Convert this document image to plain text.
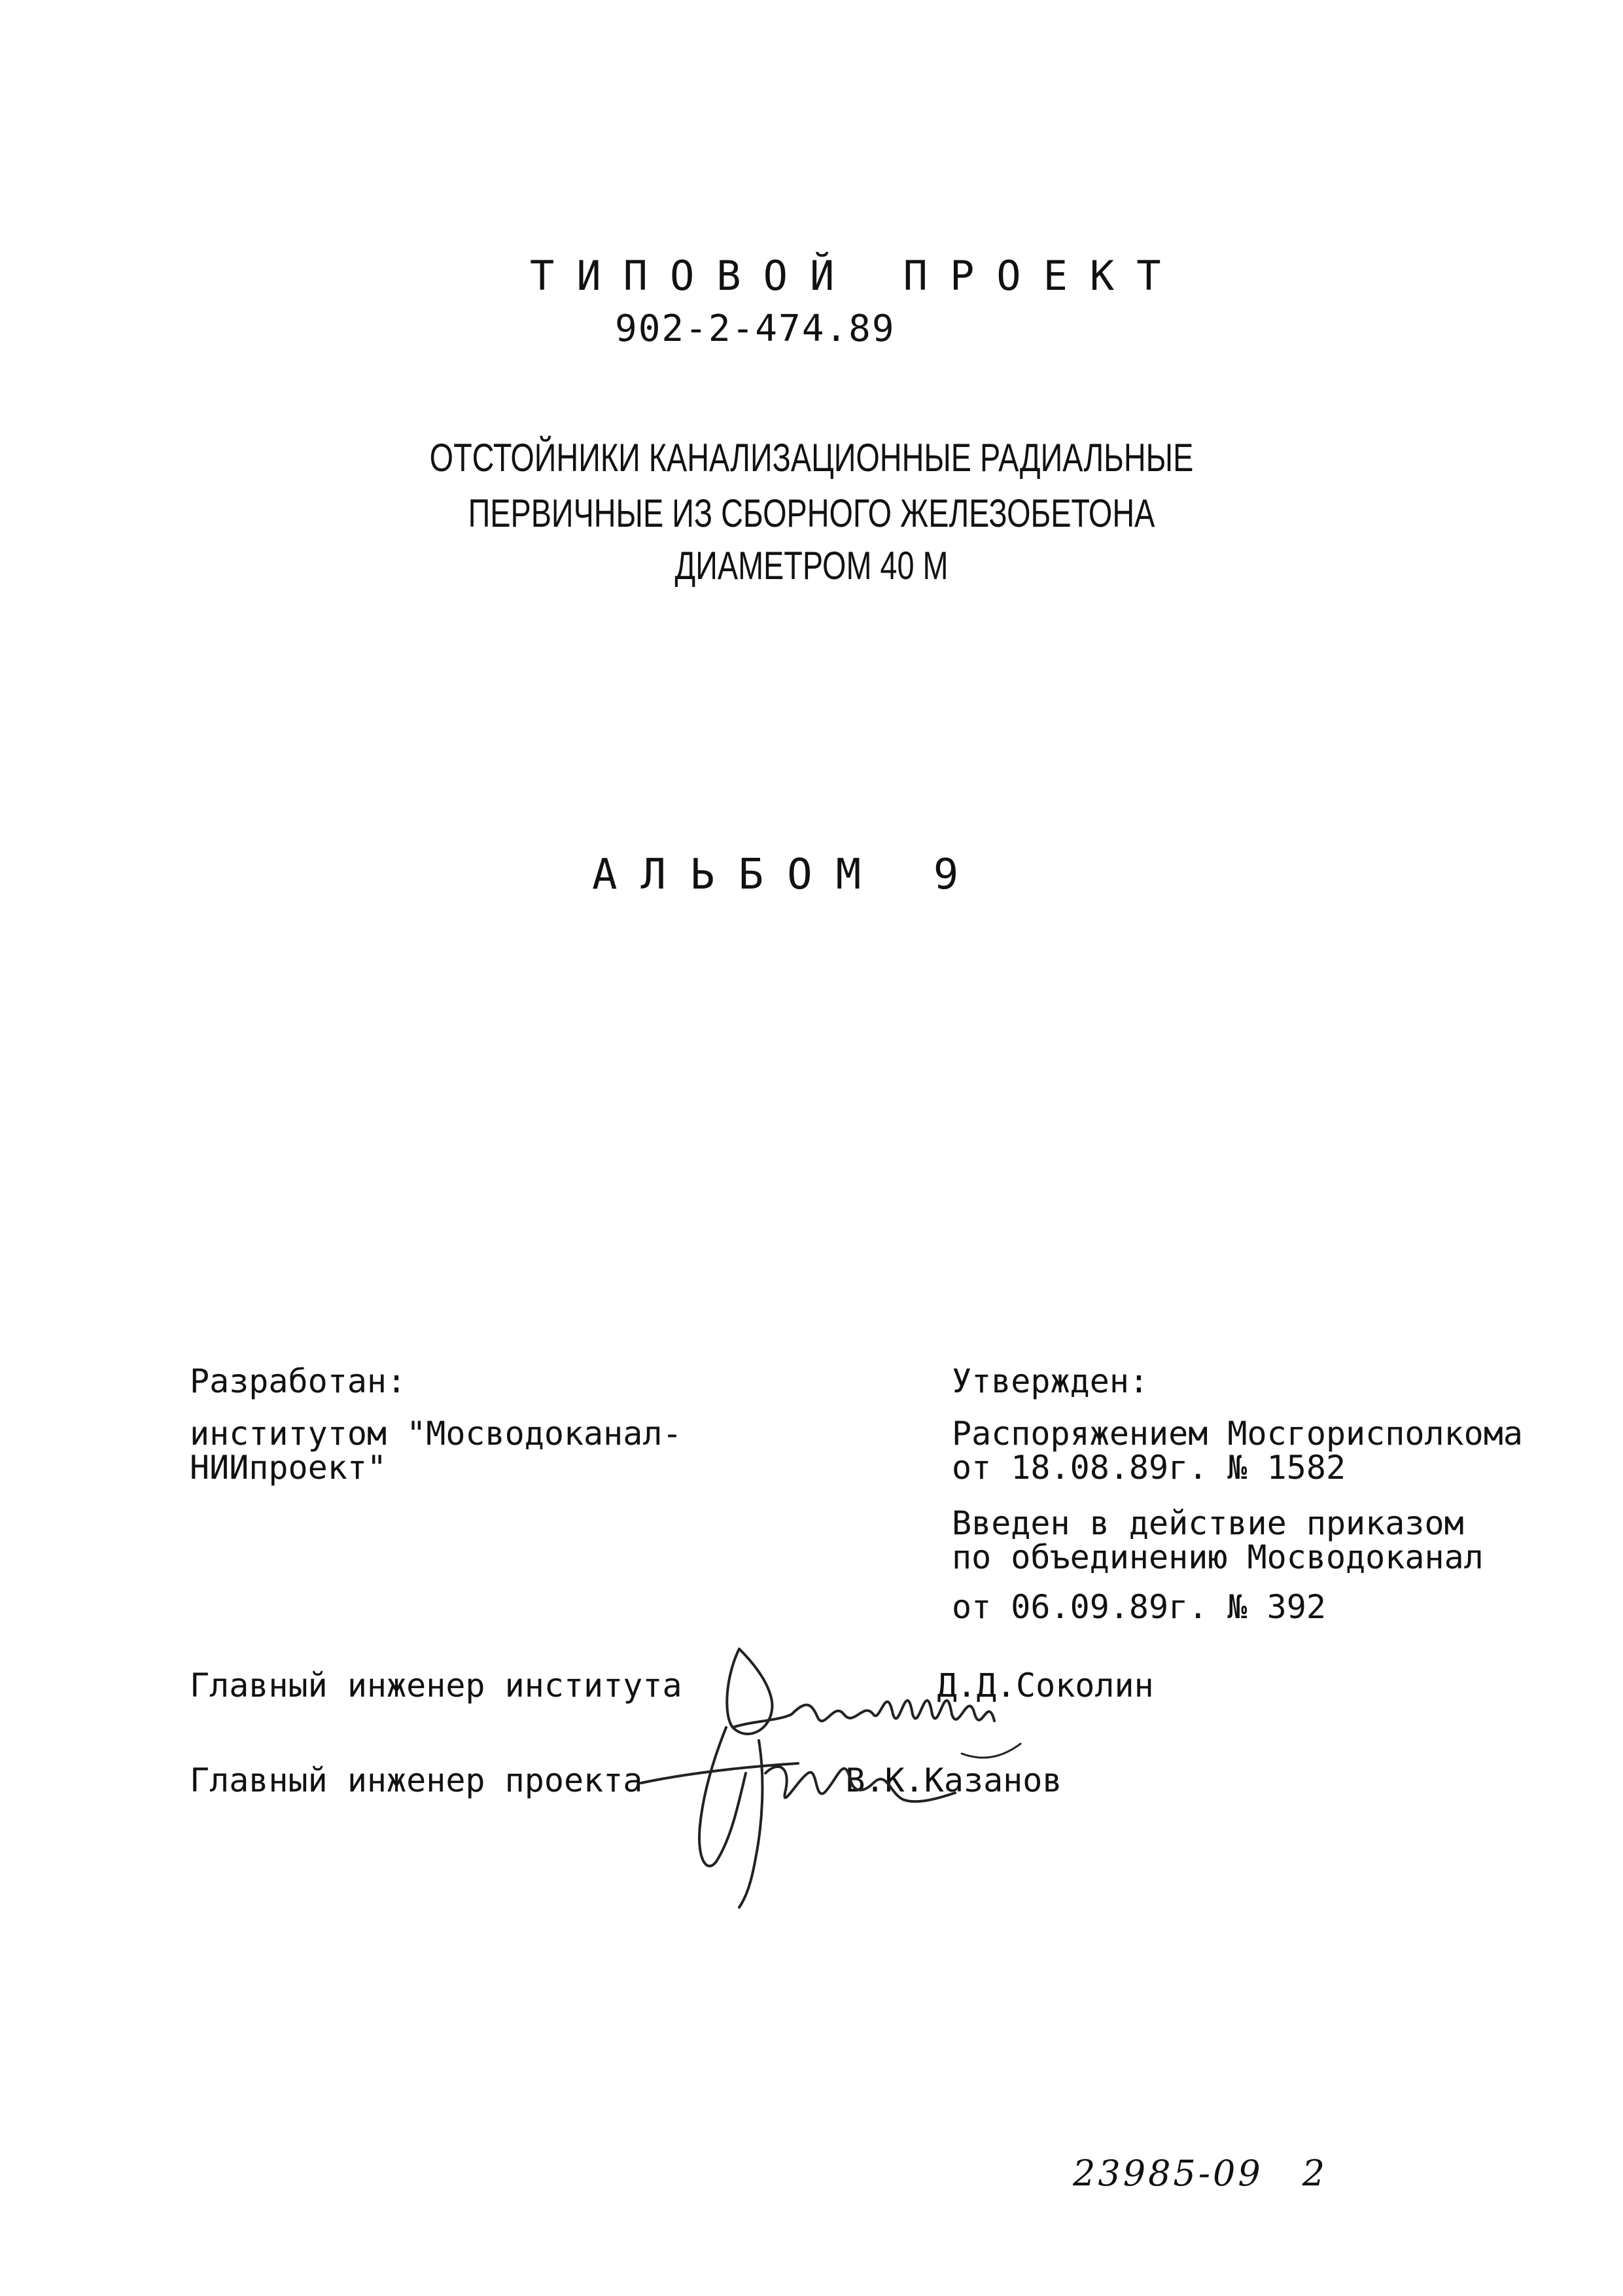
ТИПОВОЙ ПРОЕКТ
902-2-474.89
ОТСТОЙНИКИ КАНАЛИЗАЦИОННЫЕ РАДИАЛЬНЫЕ
ПЕРВИЧНЫЕ ИЗ СБОРНОГО ЖЕЛЕЗОБЕТОНА
ДИАМЕТРОМ 40 М
АЛЬБОМ 9
Разработан:
институтом "Мосводоканал-
НИИпроект"
Утвержден:
Распоряжением Мосгорисполкома
от 18.08.89г. № 1582
Введен в действие приказом
по объединению Мосводоканал
от 06.09.89г. № 392
Главный инженер института	Д.Д.Соколин
Главный инженер проекта	В.К.Казанов
23985-09 2
